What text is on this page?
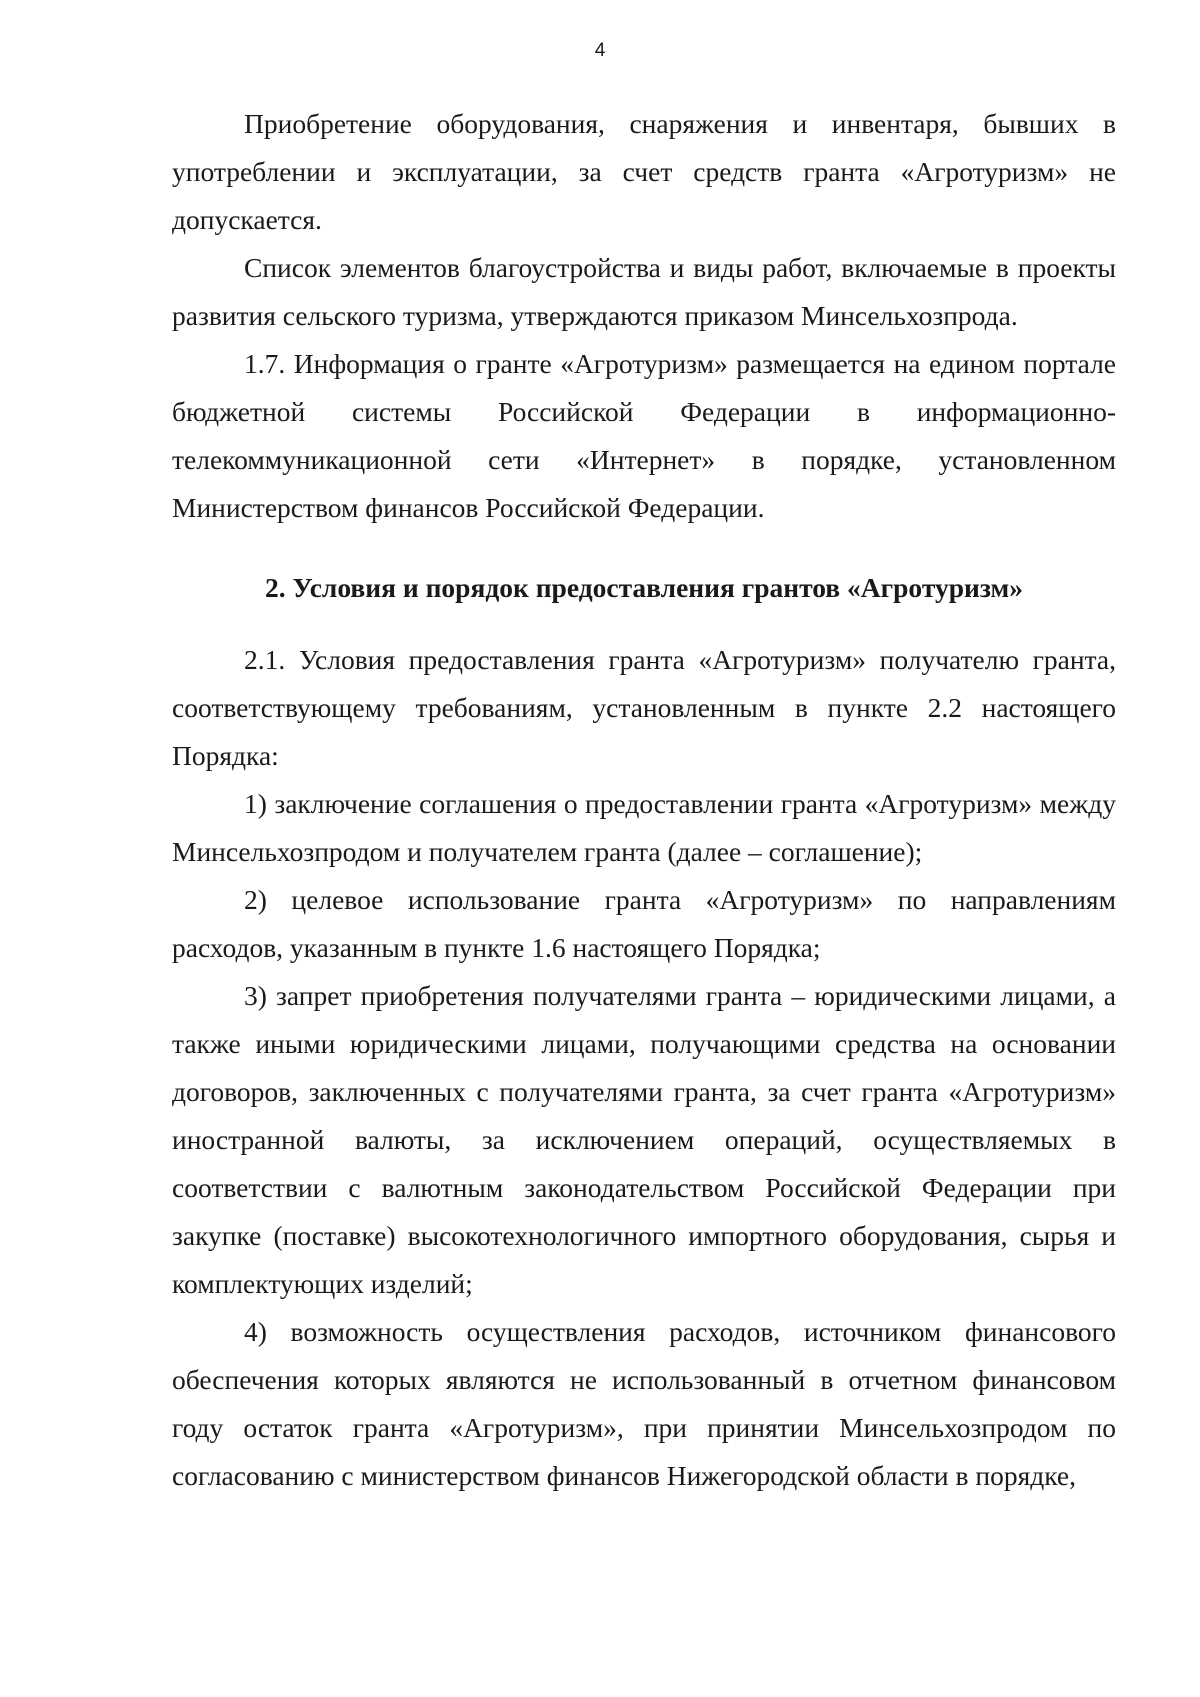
4

Приобретение оборудования, снаряжения и инвентаря, бывших в употреблении и эксплуатации, за счет средств гранта «Агротуризм» не допускается.

Список элементов благоустройства и виды работ, включаемые в проекты развития сельского туризма, утверждаются приказом Минсельхозпрода.

1.7. Информация о гранте «Агротуризм» размещается на едином портале бюджетной системы Российской Федерации в информационно-телекоммуникационной сети «Интернет» в порядке, установленном Министерством финансов Российской Федерации.

2. Условия и порядок предоставления грантов «Агротуризм»

2.1. Условия предоставления гранта «Агротуризм» получателю гранта, соответствующему требованиям, установленным в пункте 2.2 настоящего Порядка:

1) заключение соглашения о предоставлении гранта «Агротуризм» между Минсельхозпродом и получателем гранта (далее – соглашение);

2) целевое использование гранта «Агротуризм» по направлениям расходов, указанным в пункте 1.6 настоящего Порядка;

3) запрет приобретения получателями гранта – юридическими лицами, а также иными юридическими лицами, получающими средства на основании договоров, заключенных с получателями гранта, за счет гранта «Агротуризм» иностранной валюты, за исключением операций, осуществляемых в соответствии с валютным законодательством Российской Федерации при закупке (поставке) высокотехнологичного импортного оборудования, сырья и комплектующих изделий;

4) возможность осуществления расходов, источником финансового обеспечения которых являются не использованный в отчетном финансовом году остаток гранта «Агротуризм», при принятии Минсельхозпродом по согласованию с министерством финансов Нижегородской области в порядке,
